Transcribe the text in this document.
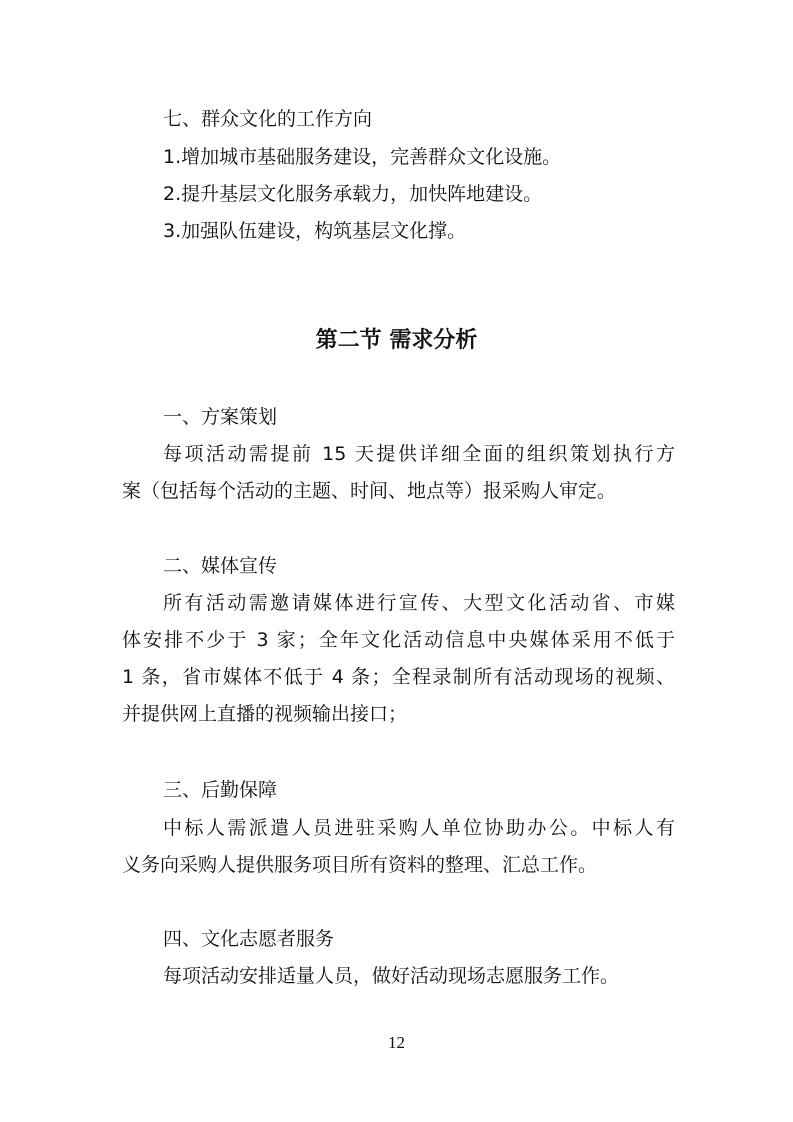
七、群众文化的工作方向
1.增加城市基础服务建设，完善群众文化设施。
2.提升基层文化服务承载力，加快阵地建设。
3.加强队伍建设，构筑基层文化撑。
第二节 需求分析
一、方案策划
每项活动需提前 15 天提供详细全面的组织策划执行方
案（包括每个活动的主题、时间、地点等）报采购人审定。
二、媒体宣传
所有活动需邀请媒体进行宣传、大型文化活动省、市媒
体安排不少于 3 家；全年文化活动信息中央媒体采用不低于
1 条，省市媒体不低于 4 条；全程录制所有活动现场的视频、
并提供网上直播的视频输出接口；
三、后勤保障
中标人需派遣人员进驻采购人单位协助办公。中标人有
义务向采购人提供服务项目所有资料的整理、汇总工作。
四、文化志愿者服务
每项活动安排适量人员，做好活动现场志愿服务工作。
12
